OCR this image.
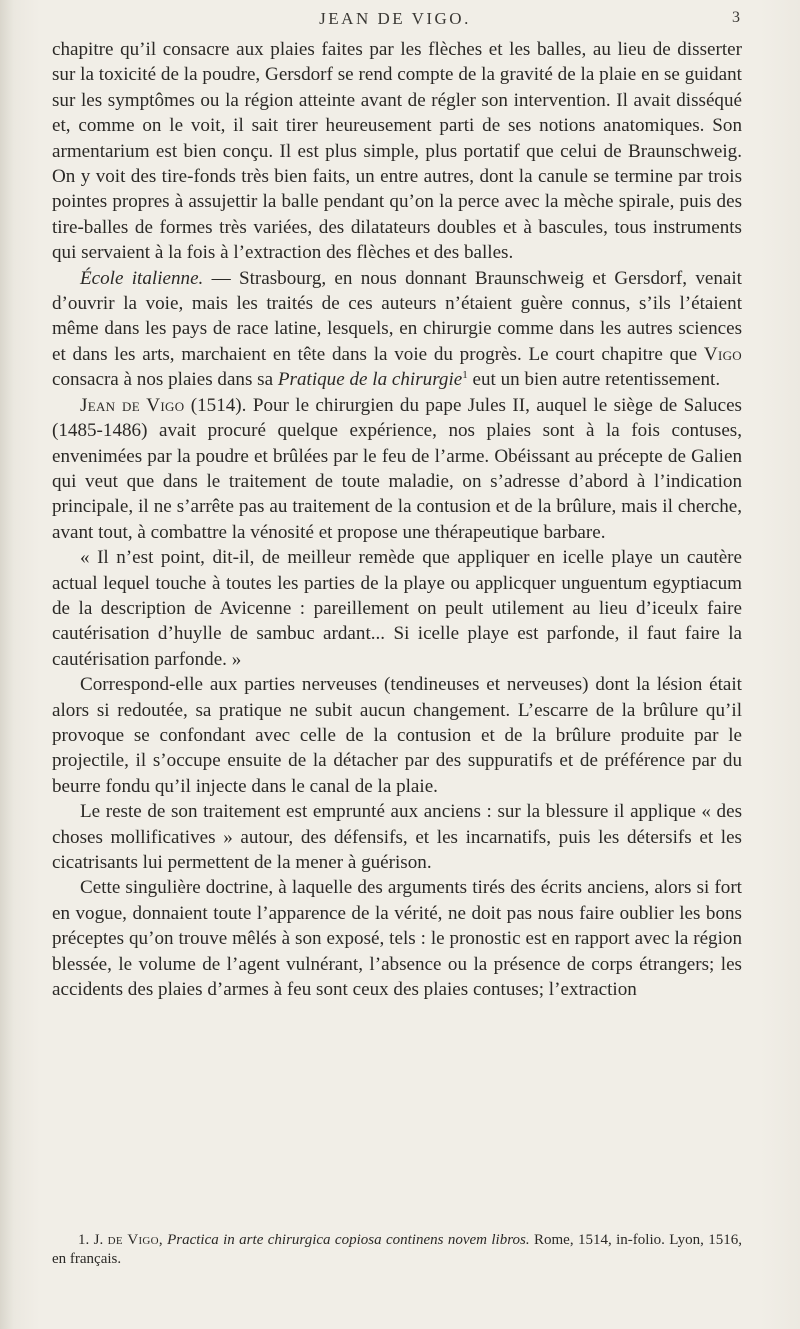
JEAN DE VIGO.	3

chapitre qu’il consacre aux plaies faites par les flèches et les balles, au lieu de disserter sur la toxicité de la poudre, Gersdorf se rend compte de la gravité de la plaie en se guidant sur les symptômes ou la région atteinte avant de régler son intervention. Il avait disséqué et, comme on le voit, il sait tirer heureusement parti de ses notions anatomiques. Son armentarium est bien conçu. Il est plus simple, plus portatif que celui de Braunschweig. On y voit des tire-fonds très bien faits, un entre autres, dont la canule se termine par trois pointes propres à assujettir la balle pendant qu’on la perce avec la mèche spirale, puis des tire-balles de formes très variées, des dilatateurs doubles et à bascules, tous instruments qui servaient à la fois à l’extraction des flèches et des balles.

École italienne. — Strasbourg, en nous donnant Braunschweig et Gersdorf, venait d’ouvrir la voie, mais les traités de ces auteurs n’étaient guère connus, s’ils l’étaient même dans les pays de race latine, lesquels, en chirurgie comme dans les autres sciences et dans les arts, marchaient en tête dans la voie du progrès. Le court chapitre que Vigo consacra à nos plaies dans sa Pratique de la chirurgie$^1$ eut un bien autre retentissement.

Jean de Vigo (1514). Pour le chirurgien du pape Jules II, auquel le siège de Saluces (1485-1486) avait procuré quelque expérience, nos plaies sont à la fois contuses, envenimées par la poudre et brûlées par le feu de l’arme. Obéissant au précepte de Galien qui veut que dans le traitement de toute maladie, on s’adresse d’abord à l’indication principale, il ne s’arrête pas au traitement de la contusion et de la brûlure, mais il cherche, avant tout, à combattre la vénosité et propose une thérapeutique barbare.

« Il n’est point, dit-il, de meilleur remède que appliquer en icelle playe un cautère actual lequel touche à toutes les parties de la playe ou applicquer unguentum egyptiacum de la description de Avicenne : pareillement on peult utilement au lieu d’iceulx faire cautérisation d’huylle de sambuc ardant... Si icelle playe est parfonde, il faut faire la cautérisation parfonde. »

Correspond-elle aux parties nerveuses (tendineuses et nerveuses) dont la lésion était alors si redoutée, sa pratique ne subit aucun changement. L’escarre de la brûlure qu’il provoque se confondant avec celle de la contusion et de la brûlure produite par le projectile, il s’occupe ensuite de la détacher par des suppuratifs et de préférence par du beurre fondu qu’il injecte dans le canal de la plaie.

Le reste de son traitement est emprunté aux anciens : sur la blessure il applique « des choses mollificatives » autour, des défensifs, et les incarnatifs, puis les détersifs et les cicatrisants lui permettent de la mener à guérison.

Cette singulière doctrine, à laquelle des arguments tirés des écrits anciens, alors si fort en vogue, donnaient toute l’apparence de la vérité, ne doit pas nous faire oublier les bons préceptes qu’on trouve mêlés à son exposé, tels : le pronostic est en rapport avec la région blessée, le volume de l’agent vulnérant, l’absence ou la présence de corps étrangers; les accidents des plaies d’armes à feu sont ceux des plaies contuses; l’extraction

1. J. de Vigo, Practica in arte chirurgica copiosa continens novem libros. Rome, 1514, in-folio. Lyon, 1516, en français.
